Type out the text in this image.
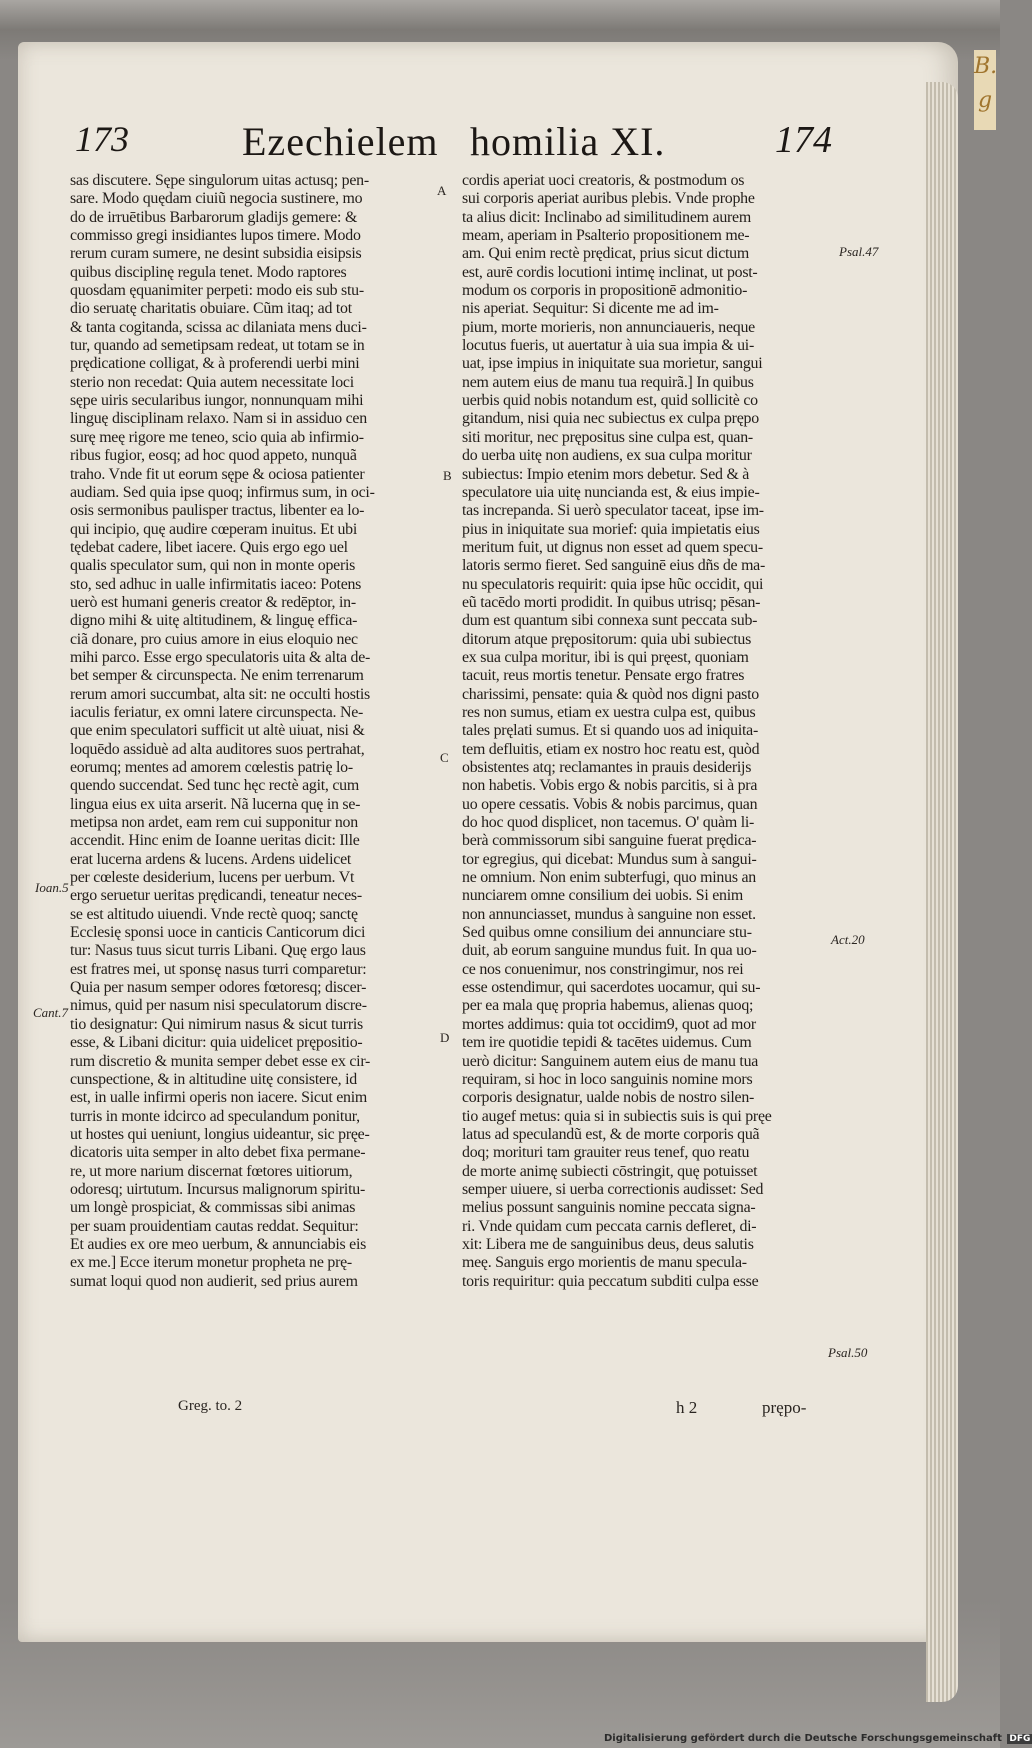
B. g
173	Ezechielem homilia XI.	174
sas discutere. Sępe singulorum uitas actusq; pen-
sare. Modo quędam ciuiũ negocia sustinere, mo
do de irruētibus Barbarorum gladijs gemere: &
commisso gregi insidiantes lupos timere. Modo
rerum curam sumere, ne desint subsidia eisipsis
quibus disciplinę regula tenet. Modo raptores
quosdam ęquanimiter perpeti: modo eis sub stu-
dio seruatę charitatis obuiare. Cũm itaq; ad tot
& tanta cogitanda, scissa ac dilaniata mens duci-
tur, quando ad semetipsam redeat, ut totam se in
prędicatione colligat, & à proferendi uerbi mini
sterio non recedat: Quia autem necessitate loci
sępe uiris secularibus iungor, nonnunquam mihi
linguę disciplinam relaxo. Nam si in assiduo cen
surę meę rigore me teneo, scio quia ab infirmio-
ribus fugior, eosq; ad hoc quod appeto, nunquã
traho. Vnde fit ut eorum sępe & ociosa patienter
audiam. Sed quia ipse quoq; infirmus sum, in oci-
osis sermonibus paulisper tractus, libenter ea lo-
qui incipio, quę audire cœperam inuitus. Et ubi
tędebat cadere, libet iacere. Quis ergo ego uel
qualis speculator sum, qui non in monte operis
sto, sed adhuc in ualle infirmitatis iaceo: Potens
uerò est humani generis creator & redēptor, in-
digno mihi & uitę altitudinem, & linguę effica-
ciã donare, pro cuius amore in eius eloquio nec
mihi parco. Esse ergo speculatoris uita & alta de-
bet semper & circunspecta. Ne enim terrenarum
rerum amori succumbat, alta sit: ne occulti hostis
iaculis feriatur, ex omni latere circunspecta. Ne-
que enim speculatori sufficit ut altè uiuat, nisi &
loquēdo assiduè ad alta auditores suos pertrahat,
eorumq; mentes ad amorem cœlestis patrię lo-
quendo succendat. Sed tunc hęc rectè agit, cum
lingua eius ex uita arserit. Nã lucerna quę in se-
metipsa non ardet, eam rem cui supponitur non
accendit. Hinc enim de Ioanne ueritas dicit: Ille
erat lucerna ardens & lucens. Ardens uidelicet
per cœleste desiderium, lucens per uerbum. Vt
ergo seruetur ueritas prędicandi, teneatur neces-
se est altitudo uiuendi. Vnde rectè quoq; sanctę
Ecclesię sponsi uoce in canticis Canticorum dici
tur: Nasus tuus sicut turris Libani. Quę ergo laus
est fratres mei, ut sponsę nasus turri comparetur:
Quia per nasum semper odores fœtoresq; discer-
nimus, quid per nasum nisi speculatorum discre-
tio designatur: Qui nimirum nasus & sicut turris
esse, & Libani dicitur: quia uidelicet prępositio-
rum discretio & munita semper debet esse ex cir-
cunspectione, & in altitudine uitę consistere, id
est, in ualle infirmi operis non iacere. Sicut enim
turris in monte idcirco ad speculandum ponitur,
ut hostes qui ueniunt, longius uideantur, sic pręe-
dicatoris uita semper in alto debet fixa permane-
re, ut more narium discernat fœtores uitiorum,
odoresq; uirtutum. Incursus malignorum spiritu-
um longè prospiciat, & commissas sibi animas
per suam prouidentiam cautas reddat. Sequitur:
Et audies ex ore meo uerbum, & annunciabis eis
ex me.] Ecce iterum monetur propheta ne prę-
sumat loqui quod non audierit, sed prius aurem
cordis aperiat uoci creatoris, & postmodum os
sui corporis aperiat auribus plebis. Vnde prophe
ta alius dicit: Inclinabo ad similitudinem aurem
meam, aperiam in Psalterio propositionem me-
am. Qui enim rectè prędicat, prius sicut dictum
est, aurē cordis locutioni intimę inclinat, ut post-
modum os corporis in propositionē admonitio-
nis aperiat. Sequitur: Si dicente me ad im-
pium, morte morieris, non annunciaueris, neque
locutus fueris, ut auertatur à uia sua impia & ui-
uat, ipse impius in iniquitate sua morietur, sangui
nem autem eius de manu tua requirã.] In quibus
uerbis quid nobis notandum est, quid sollicitè co
gitandum, nisi quia nec subiectus ex culpa prępo
siti moritur, nec prępositus sine culpa est, quan-
do uerba uitę non audiens, ex sua culpa moritur
subiectus: Impio etenim mors debetur. Sed & à
speculatore uia uitę nuncianda est, & eius impie-
tas increpanda. Si uerò speculator taceat, ipse im-
pius in iniquitate sua morief: quia impietatis eius
meritum fuit, ut dignus non esset ad quem specu-
latoris sermo fieret. Sed sanguinē eius dñs de ma-
nu speculatoris requirit: quia ipse hũc occidit, qui
eũ tacēdo morti prodidit. In quibus utrisq; pēsan-
dum est quantum sibi connexa sunt peccata sub-
ditorum atque prępositorum: quia ubi subiectus
ex sua culpa moritur, ibi is qui pręest, quoniam
tacuit, reus mortis tenetur. Pensate ergo fratres
charissimi, pensate: quia & quòd nos digni pasto
res non sumus, etiam ex uestra culpa est, quibus
tales pręlati sumus. Et si quando uos ad iniquita-
tem defluitis, etiam ex nostro hoc reatu est, quòd
obsistentes atq; reclamantes in prauis desiderijs
non habetis. Vobis ergo & nobis parcitis, si à pra
uo opere cessatis. Vobis & nobis parcimus, quan
do hoc quod displicet, non tacemus. O' quàm li-
berà commissorum sibi sanguine fuerat prędica-
tor egregius, qui dicebat: Mundus sum à sangui-
ne omnium. Non enim subterfugi, quo minus an
nunciarem omne consilium dei uobis. Si enim
non annunciasset, mundus à sanguine non esset.
Sed quibus omne consilium dei annunciare stu-
duit, ab eorum sanguine mundus fuit. In qua uo-
ce nos conuenimur, nos constringimur, nos rei
esse ostendimur, qui sacerdotes uocamur, qui su-
per ea mala quę propria habemus, alienas quoq;
mortes addimus: quia tot occidim9, quot ad mor
tem ire quotidie tepidi & tacētes uidemus. Cum
uerò dicitur: Sanguinem autem eius de manu tua
requiram, si hoc in loco sanguinis nomine mors
corporis designatur, ualde nobis de nostro silen-
tio augef metus: quia si in subiectis suis is qui pręe
latus ad speculandũ est, & de morte corporis quã
doq; morituri tam grauiter reus tenef, quo reatu
de morte animę subiecti cōstringit, quę potuisset
semper uiuere, si uerba correctionis audisset: Sed
melius possunt sanguinis nomine peccata signa-
ri. Vnde quidam cum peccata carnis defleret, di-
xit: Libera me de sanguinibus deus, deus salutis
meę. Sanguis ergo morientis de manu specula-
toris requiritur: quia peccatum subditi culpa esse
A
B
C
D
Psal.47
Ioan.5
Act.20
Cant.7
Psal.50
Greg. to. 2	h 2	prępo-
Digitalisierung gefördert durch die Deutsche Forschungsgemeinschaft DFG
